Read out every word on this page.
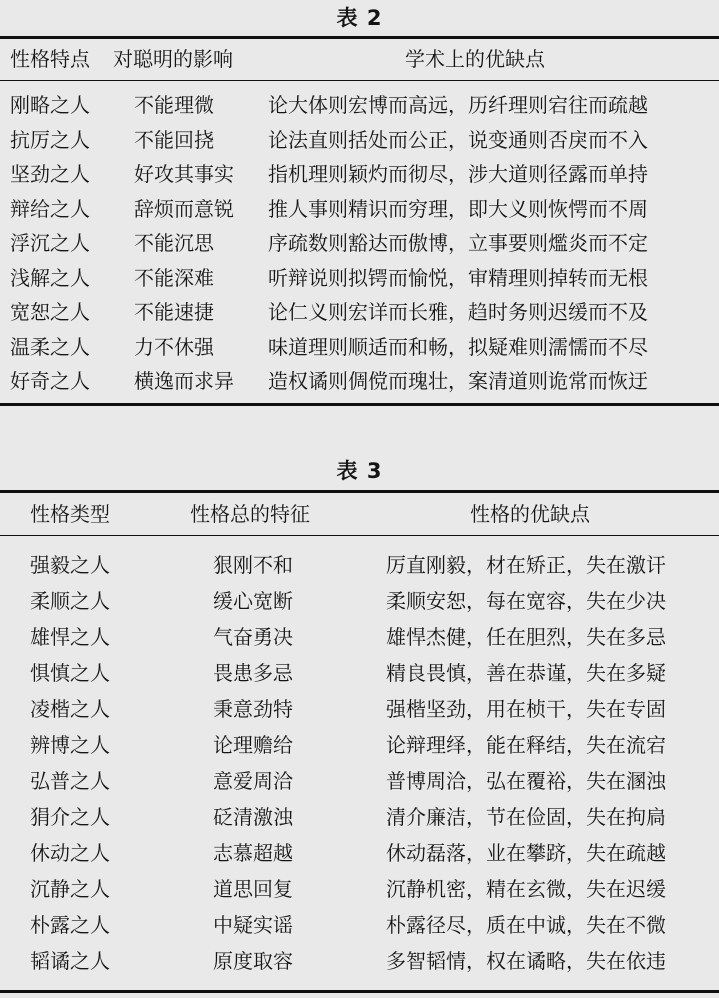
表 2
性格特点 对聪明的影响	学术上的优缺点
刚略之人 不能理微	论大体则宏博而高远，历纤理则宕往而疏越
抗厉之人 不能回挠	论法直则括处而公正，说变通则否戾而不入
坚劲之人 好攻其事实 指机理则颖灼而彻尽，涉大道则径露而单持
辩给之人 辞烦而意锐 推人事则精识而穷理，即大义则恢愕而不周
浮沉之人 不能沉思	序疏数则豁达而傲博，立事要则爁炎而不定
浅解之人 不能深难	听辩说则拟锷而愉悦，审精理则掉转而无根
宽恕之人 不能速捷	论仁义则宏详而长雅，趋时务则迟缓而不及
温柔之人 力不休强	味道理则顺适而和畅，拟疑难则濡懦而不尽
好奇之人 横逸而求异 造权谲则倜傥而瑰壮，案清道则诡常而恢迂
表 3
性格类型	性格总的特征	性格的优缺点
强毅之人	狠刚不和	厉直刚毅，材在矫正，失在激讦
柔顺之人	缓心宽断	柔顺安恕，每在宽容，失在少决
雄悍之人	气奋勇决	雄悍杰健，任在胆烈，失在多忌
惧慎之人	畏患多忌	精良畏慎，善在恭谨，失在多疑
凌楷之人	秉意劲特	强楷坚劲，用在桢干，失在专固
辨博之人	论理赡给	论辩理绎，能在释结，失在流宕
弘普之人	意爱周洽	普博周洽，弘在覆裕，失在溷浊
狷介之人	砭清激浊	清介廉洁，节在俭固，失在拘扃
休动之人	志慕超越	休动磊落，业在攀跻，失在疏越
沉静之人	道思回复	沉静机密，精在玄微，失在迟缓
朴露之人	中疑实谣	朴露径尽，质在中诚，失在不微
韬谲之人	原度取容	多智韬情，权在谲略，失在依违
